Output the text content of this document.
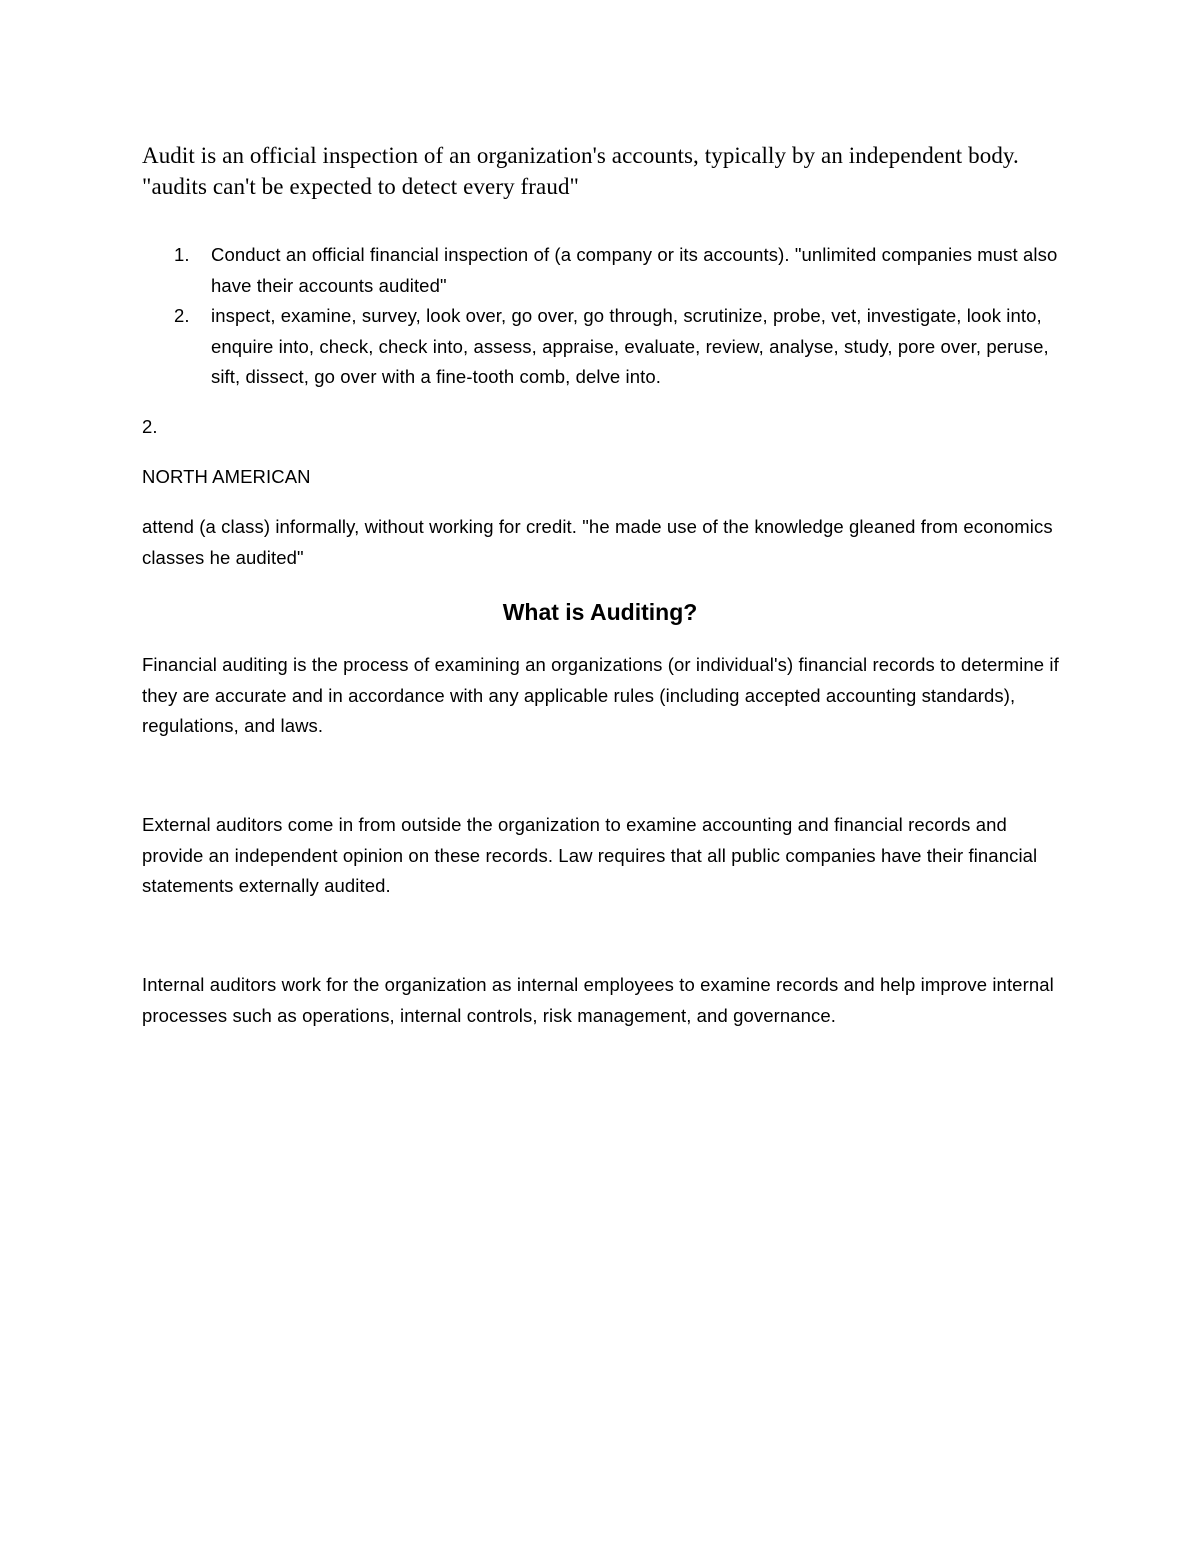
Audit is an official inspection of an organization's accounts, typically by an independent body.

"audits can't be expected to detect every fraud"

1. Conduct an official financial inspection of (a company or its accounts). "unlimited companies must also have their accounts audited"
2. inspect, examine, survey, look over, go over, go through, scrutinize, probe, vet, investigate, look into, enquire into, check, check into, assess, appraise, evaluate, review, analyse, study, pore over, peruse, sift, dissect, go over with a fine-tooth comb, delve into.

2.

NORTH AMERICAN

attend (a class) informally, without working for credit. "he made use of the knowledge gleaned from economics classes he audited"

What is Auditing?

Financial auditing is the process of examining an organizations (or individual's) financial records to determine if they are accurate and in accordance with any applicable rules (including accepted accounting standards), regulations, and laws.

External auditors come in from outside the organization to examine accounting and financial records and provide an independent opinion on these records. Law requires that all public companies have their financial statements externally audited.

Internal auditors work for the organization as internal employees to examine records and help improve internal processes such as operations, internal controls, risk management, and governance.
